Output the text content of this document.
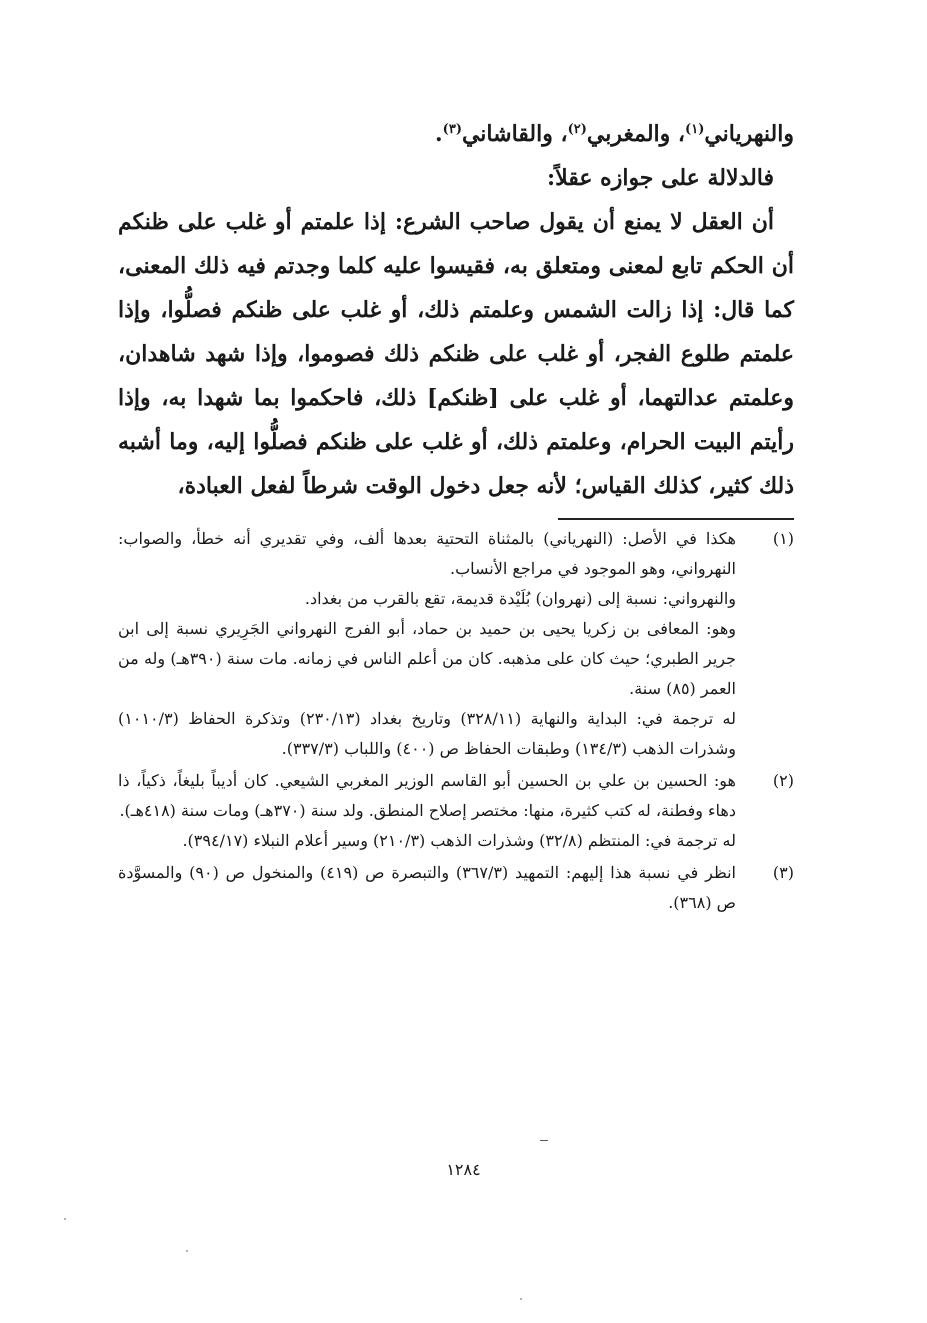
والنهرياني$^{(١)}$، والمغربي$^{(٢)}$، والقاشاني$^{(٣)}$.

فالدلالة على جوازه عقلاً:

أن العقل لا يمنع أن يقول صاحب الشرع: إذا علمتم أو غلب على ظنكم أن الحكم تابع لمعنى ومتعلق به، فقيسوا عليه كلما وجدتم فيه ذلك المعنى، كما قال: إذا زالت الشمس وعلمتم ذلك، أو غلب على ظنكم فصلُّوا، وإذا علمتم طلوع الفجر، أو غلب على ظنكم ذلك فصوموا، وإذا شهد شاهدان، وعلمتم عدالتهما، أو غلب على [ظنكم] ذلك، فاحكموا بما شهدا به، وإذا رأيتم البيت الحرام، وعلمتم ذلك، أو غلب على ظنكم فصلُّوا إليه، وما أشبه ذلك كثير، كذلك القياس؛ لأنه جعل دخول الوقت شرطاً لفعل العبادة،

(١)

هكذا في الأصل: (النهرياني) بالمثناة التحتية بعدها ألف، وفي تقديري أنه خطأ، والصواب: النهرواني، وهو الموجود في مراجع الأنساب.

والنهرواني: نسبة إلى (نهروان) بُلَيْدة قديمة، تقع بالقرب من بغداد.

وهو: المعافى بن زكريا يحيى بن حميد بن حماد، أبو الفرج النهرواني الجَرِيري نسبة إلى ابن جرير الطبري؛ حيث كان على مذهبه. كان من أعلم الناس في زمانه. مات سنة (٣٩٠هـ) وله من العمر (٨٥) سنة.

له ترجمة في: البداية والنهاية (٣٢٨/١١) وتاريخ بغداد (٢٣٠/١٣) وتذكرة الحفاظ (١٠١٠/٣) وشذرات الذهب (١٣٤/٣) وطبقات الحفاظ ص (٤٠٠) واللباب (٣٣٧/٣).

(٢)

هو: الحسين بن علي بن الحسين أبو القاسم الوزير المغربي الشيعي. كان أديباً بليغاً، ذكياً، ذا دهاء وفطنة، له كتب كثيرة، منها: مختصر إصلاح المنطق. ولد سنة (٣٧٠هـ) ومات سنة (٤١٨هـ).

له ترجمة في: المنتظم (٣٢/٨) وشذرات الذهب (٢١٠/٣) وسير أعلام النبلاء (٣٩٤/١٧).

(٣)

انظر في نسبة هذا إليهم: التمهيد (٣٦٧/٣) والتبصرة ص (٤١٩) والمنخول ص (٩٠) والمسوَّدة ص (٣٦٨).

١٢٨٤
